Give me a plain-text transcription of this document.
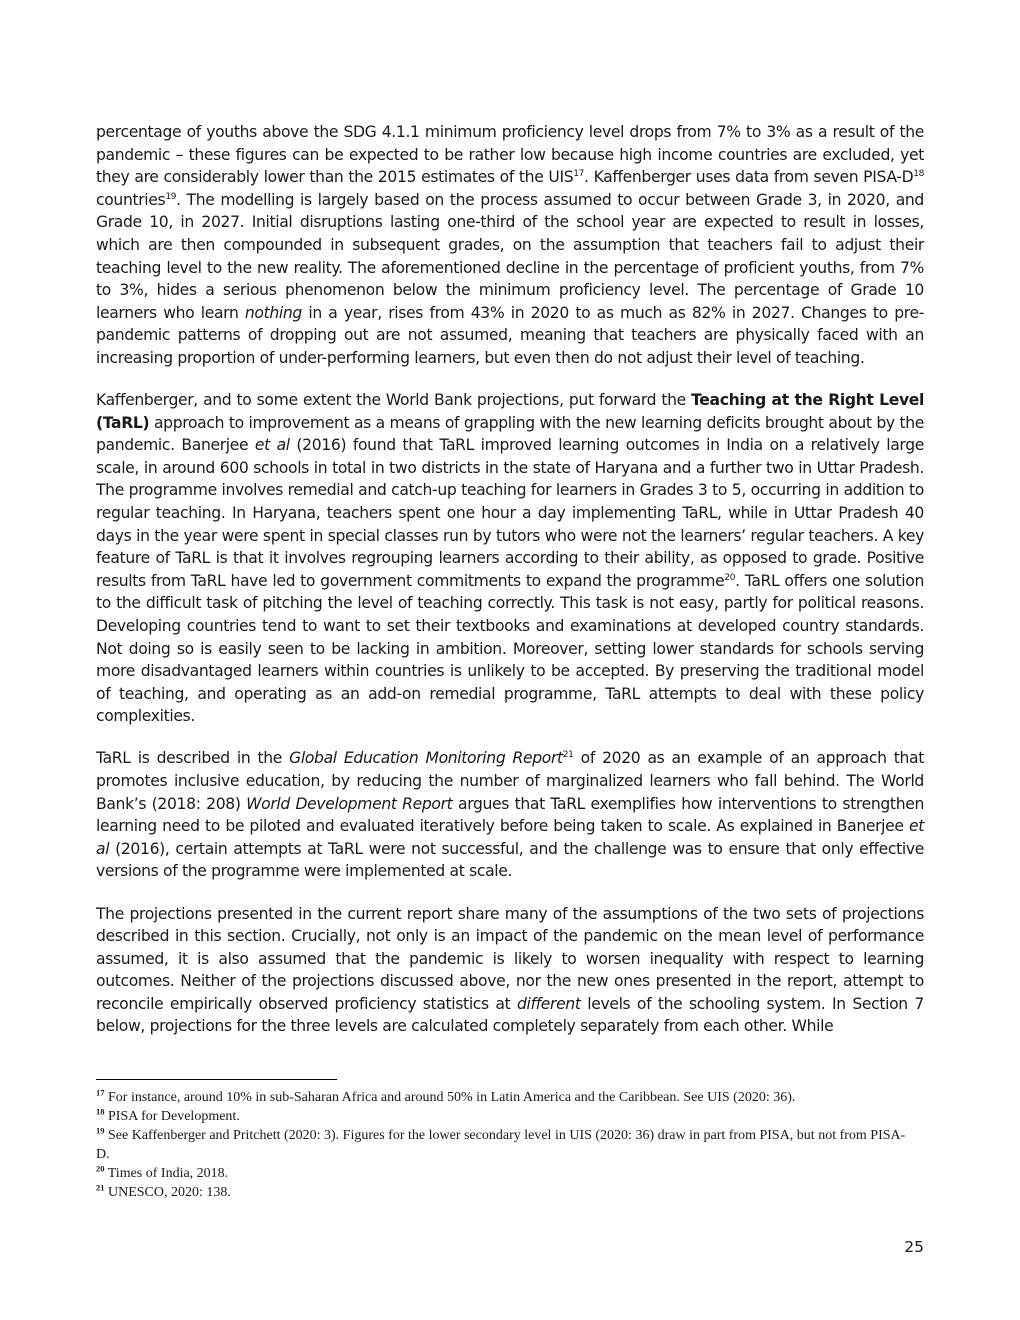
percentage of youths above the SDG 4.1.1 minimum proficiency level drops from 7% to 3% as a result of the pandemic – these figures can be expected to be rather low because high income countries are excluded, yet they are considerably lower than the 2015 estimates of the UIS$^{17}$. Kaffenberger uses data from seven PISA-$D^{18}$ countries$^{19}$. The modelling is largely based on the process assumed to occur between Grade 3, in 2020, and Grade 10, in 2027. Initial disruptions lasting one-third of the school year are expected to result in losses, which are then compounded in subsequent grades, on the assumption that teachers fail to adjust their teaching level to the new reality. The aforementioned decline in the percentage of proficient youths, from 7% to 3%, hides a serious phenomenon below the minimum proficiency level. The percentage of Grade 10 learners who learn nothing in a year, rises from 43% in 2020 to as much as 82% in 2027. Changes to pre-pandemic patterns of dropping out are not assumed, meaning that teachers are physically faced with an increasing proportion of under-performing learners, but even then do not adjust their level of teaching.

Kaffenberger, and to some extent the World Bank projections, put forward the Teaching at the Right Level (TaRL) approach to improvement as a means of grappling with the new learning deficits brought about by the pandemic. Banerjee et al (2016) found that TaRL improved learning outcomes in India on a relatively large scale, in around 600 schools in total in two districts in the state of Haryana and a further two in Uttar Pradesh. The programme involves remedial and catch-up teaching for learners in Grades 3 to 5, occurring in addition to regular teaching. In Haryana, teachers spent one hour a day implementing TaRL, while in Uttar Pradesh 40 days in the year were spent in special classes run by tutors who were not the learners’ regular teachers. A key feature of TaRL is that it involves regrouping learners according to their ability, as opposed to grade. Positive results from TaRL have led to government commitments to expand the programme$^{20}$. TaRL offers one solution to the difficult task of pitching the level of teaching correctly. This task is not easy, partly for political reasons. Developing countries tend to want to set their textbooks and examinations at developed country standards. Not doing so is easily seen to be lacking in ambition. Moreover, setting lower standards for schools serving more disadvantaged learners within countries is unlikely to be accepted. By preserving the traditional model of teaching, and operating as an add-on remedial programme, TaRL attempts to deal with these policy complexities.

TaRL is described in the Global Education Monitoring Report$^{21}$ of 2020 as an example of an approach that promotes inclusive education, by reducing the number of marginalized learners who fall behind. The World Bank’s (2018: 208) World Development Report argues that TaRL exemplifies how interventions to strengthen learning need to be piloted and evaluated iteratively before being taken to scale. As explained in Banerjee et al (2016), certain attempts at TaRL were not successful, and the challenge was to ensure that only effective versions of the programme were implemented at scale.

The projections presented in the current report share many of the assumptions of the two sets of projections described in this section. Crucially, not only is an impact of the pandemic on the mean level of performance assumed, it is also assumed that the pandemic is likely to worsen inequality with respect to learning outcomes. Neither of the projections discussed above, nor the new ones presented in the report, attempt to reconcile empirically observed proficiency statistics at different levels of the schooling system. In Section 7 below, projections for the three levels are calculated completely separately from each other. While

$^{17}$ For instance, around 10% in sub-Saharan Africa and around 50% in Latin America and the Caribbean. See UIS (2020: 36).

$^{18}$ PISA for Development.

$^{19}$ See Kaffenberger and Pritchett (2020: 3). Figures for the lower secondary level in UIS (2020: 36) draw in part from PISA, but not from PISA-D.

$^{20}$ Times of India, 2018.

$^{21}$ UNESCO, 2020: 138.

25
